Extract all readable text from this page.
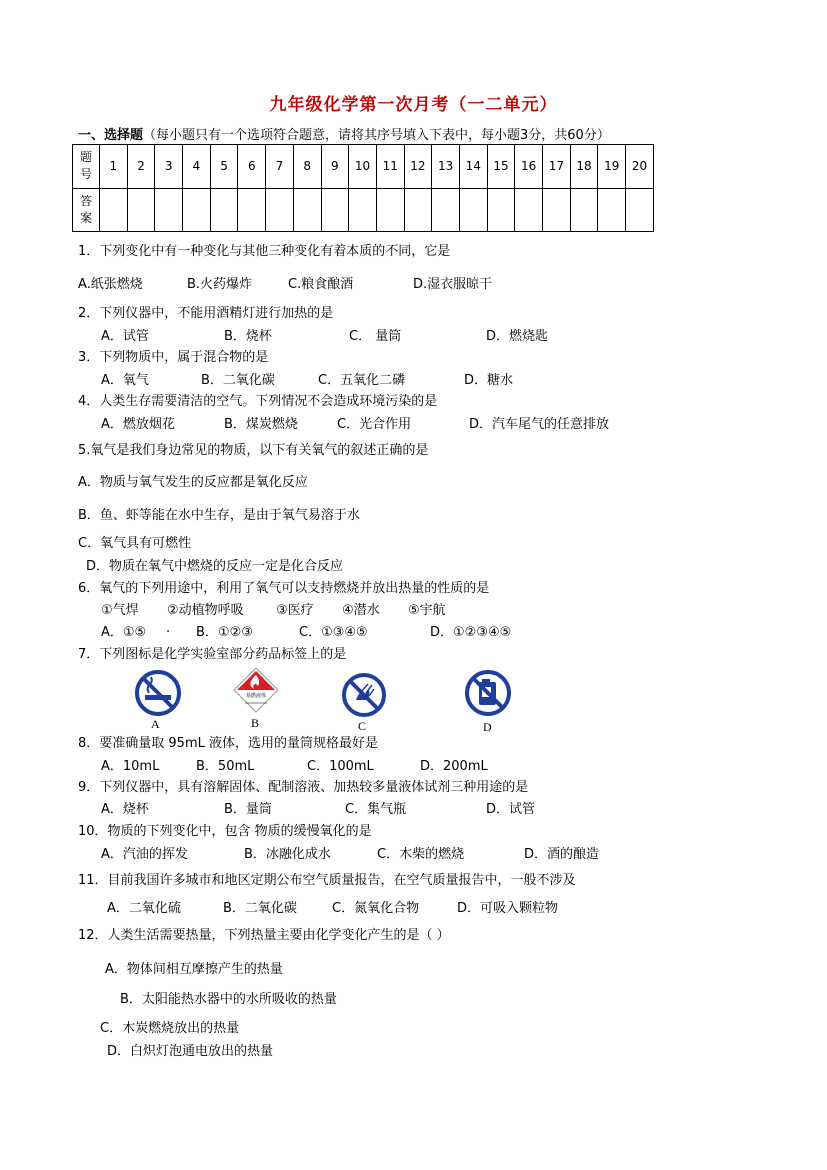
九年级化学第一次月考（一二单元）
一、选择题（每小题只有一个选项符合题意，请将其序号填入下表中，每小题3分，共60分）
题
号	1	2	3	4	5	6	7	8	9	10	11	12	13	14	15	16	17	18	19	20
答
案																				
1．下列变化中有一种变化与其他三种变化有着本质的不同，它是
A.纸张燃烧	B.火药爆炸	C.粮食酿酒	D.湿衣服晾干
2．下列仪器中，不能用酒精灯进行加热的是
A．试管	B．烧杯	C． 量筒	D．燃烧匙
3．下列物质中，属于混合物的是
A．氧气	B．二氧化碳	C．五氧化二磷	D．糖水
4．人类生存需要清洁的空气。下列情况不会造成环境污染的是
A．燃放烟花	B．煤炭燃烧	C．光合作用	D．汽车尾气的任意排放
5.氧气是我们身边常见的物质，以下有关氧气的叙述正确的是
A．物质与氧气发生的反应都是氧化反应
B．鱼、虾等能在水中生存，是由于氧气易溶于水
C．氧气具有可燃性
D．物质在氧气中燃烧的反应一定是化合反应
6．氧气的下列用途中，利用了氧气可以支持燃烧并放出热量的性质的是
①气焊 ②动植物呼吸 ③医疗 ④潜水 ⑤宇航
A．①⑤ . B．①②③	C．①③④⑤	D．①②③④⑤
7．下列图标是化学实验室部分药品标签上的是
A
易燃液体
B	C	D
8．要准确量取 95mL 液体，选用的量筒规格最好是
A．10mL	B．50mL	C．100mL	D．200mL
9．下列仪器中，具有溶解固体、配制溶液、加热较多量液体试剂三种用途的是
A．烧杯	B．量筒	C．集气瓶	D．试管
10．物质的下列变化中，包含 物质的缓慢氧化的是
A．汽油的挥发	B．冰融化成水	C．木柴的燃烧	D．酒的酿造
11．目前我国许多城市和地区定期公布空气质量报告，在空气质量报告中，一般不涉及
A．二氧化硫	B．二氧化碳	C．氮氧化合物	D．可吸入颗粒物
12．人类生活需要热量，下列热量主要由化学变化产生的是（ ）
A．物体间相互摩擦产生的热量
B．太阳能热水器中的水所吸收的热量
C．木炭燃烧放出的热量
D．白炽灯泡通电放出的热量
